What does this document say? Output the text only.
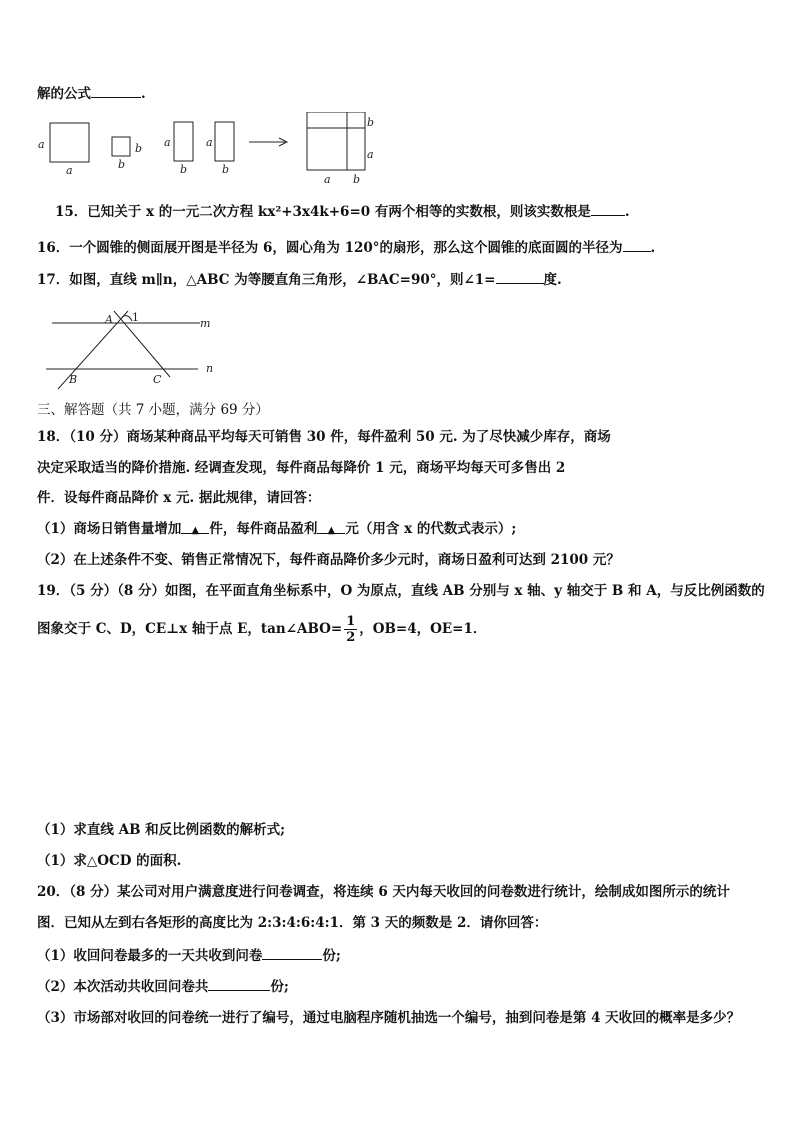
解的公式	.
a
a
b
b
a
b
a
b
b
a
a b
15．已知关于 x 的一元二次方程 kx²+3x4k+6=0 有两个相等的实数根，则该实数根是	.
16．一个圆锥的侧面展开图是半径为 6，圆心角为 120°的扇形，那么这个圆锥的底面圆的半径为 .
17．如图，直线 m∥n，△ABC 为等腰直角三角形，∠BAC=90°，则∠1=	度.
A 1	m
n
B	C
三、解答题（共 7 小题，满分 69 分）
18．（10 分）商场某种商品平均每天可销售 30 件，每件盈利 50 元. 为了尽快减少库存，商场
决定采取适当的降价措施. 经调查发现，每件商品每降价 1 元，商场平均每天可多售出 2
件．设每件商品降价 x 元. 据此规律，请回答：
（1）商场日销售量增加 ▲ 件，每件商品盈利 ▲ 元（用含 x 的代数式表示）;
（2）在上述条件不变、销售正常情况下，每件商品降价多少元时，商场日盈利可达到 2100 元？
19．（5 分）（8 分）如图，在平面直角坐标系中，O 为原点，直线 AB 分别与 x 轴、y 轴交于 B 和 A，与反比例函数的
图象交于 C、D，CE⊥x 轴于点 E，tan∠ABO= $\frac{1}{2}$ ，OB=4，OE=1．
（1）求直线 AB 和反比例函数的解析式;
（1）求△OCD 的面积.
20．（8 分）某公司对用户满意度进行问卷调查，将连续 6 天内每天收回的问卷数进行统计，绘制成如图所示的统计
图．已知从左到右各矩形的高度比为 2:3:4:6:4:1．第 3 天的频数是 2．请你回答：
（1）收回问卷最多的一天共收到问卷	份;
（2）本次活动共收回问卷共	份;
（3）市场部对收回的问卷统一进行了编号，通过电脑程序随机抽选一个编号，抽到问卷是第 4 天收回的概率是多少？
